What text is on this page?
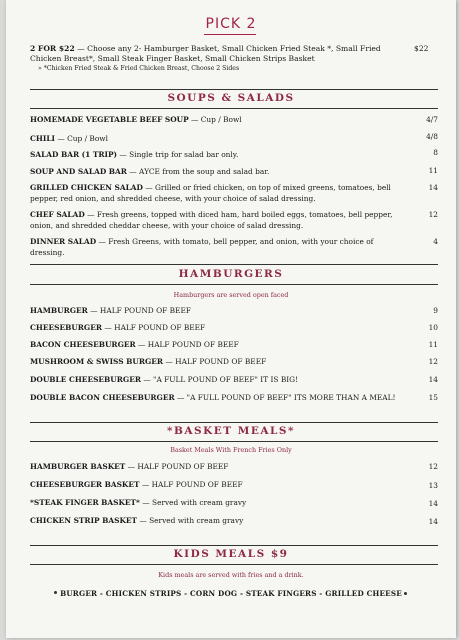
PICK 2
2 FOR $22 — Choose any 2- Hamburger Basket, Small Chicken Fried Steak *, Small Fried Chicken Breast*, Small Steak Finger Basket, Small Chicken Strips Basket
» *Chicken Fried Steak & Fried Chicken Breast, Choose 2 Sides
$22
SOUPS & SALADS
HOMEMADE VEGETABLE BEEF SOUP — Cup / Bowl	4/7
CHILI — Cup / Bowl	4/8
SALAD BAR (1 TRIP) — Single trip for salad bar only.	8
SOUP AND SALAD BAR — AYCE from the soup and salad bar.	11
GRILLED CHICKEN SALAD — Grilled or fried chicken, on top of mixed greens, tomatoes, bell pepper, red onion, and shredded cheese, with your choice of salad dressing.
14
CHEF SALAD — Fresh greens, topped with diced ham, hard boiled eggs, tomatoes, bell pepper, onion, and shredded cheddar cheese, with your choice of salad dressing.
12
DINNER SALAD — Fresh Greens, with tomato, bell pepper, and onion, with your choice of dressing.
4
HAMBURGERS
Hamburgers are served open faced
HAMBURGER — HALF POUND OF BEEF	9
CHEESEBURGER — HALF POUND OF BEEF	10
BACON CHEESEBURGER — HALF POUND OF BEEF	11
MUSHROOM & SWISS BURGER — HALF POUND OF BEEF	12
DOUBLE CHEESEBURGER — "A FULL POUND OF BEEF" IT IS BIG!	14
DOUBLE BACON CHEESEBURGER — "A FULL POUND OF BEEF" ITS MORE THAN A MEAL!	15
*BASKET MEALS*
Basket Meals With French Fries Only
HAMBURGER BASKET — HALF POUND OF BEEF	12
CHEESEBURGER BASKET — HALF POUND OF BEEF	13
*STEAK FINGER BASKET* — Served with cream gravy	14
CHICKEN STRIP BASKET — Served with cream gravy	14
KIDS MEALS $9
Kids meals are served with fries and a drink.
BURGER - CHICKEN STRIPS - CORN DOG - STEAK FINGERS - GRILLED CHEESE
